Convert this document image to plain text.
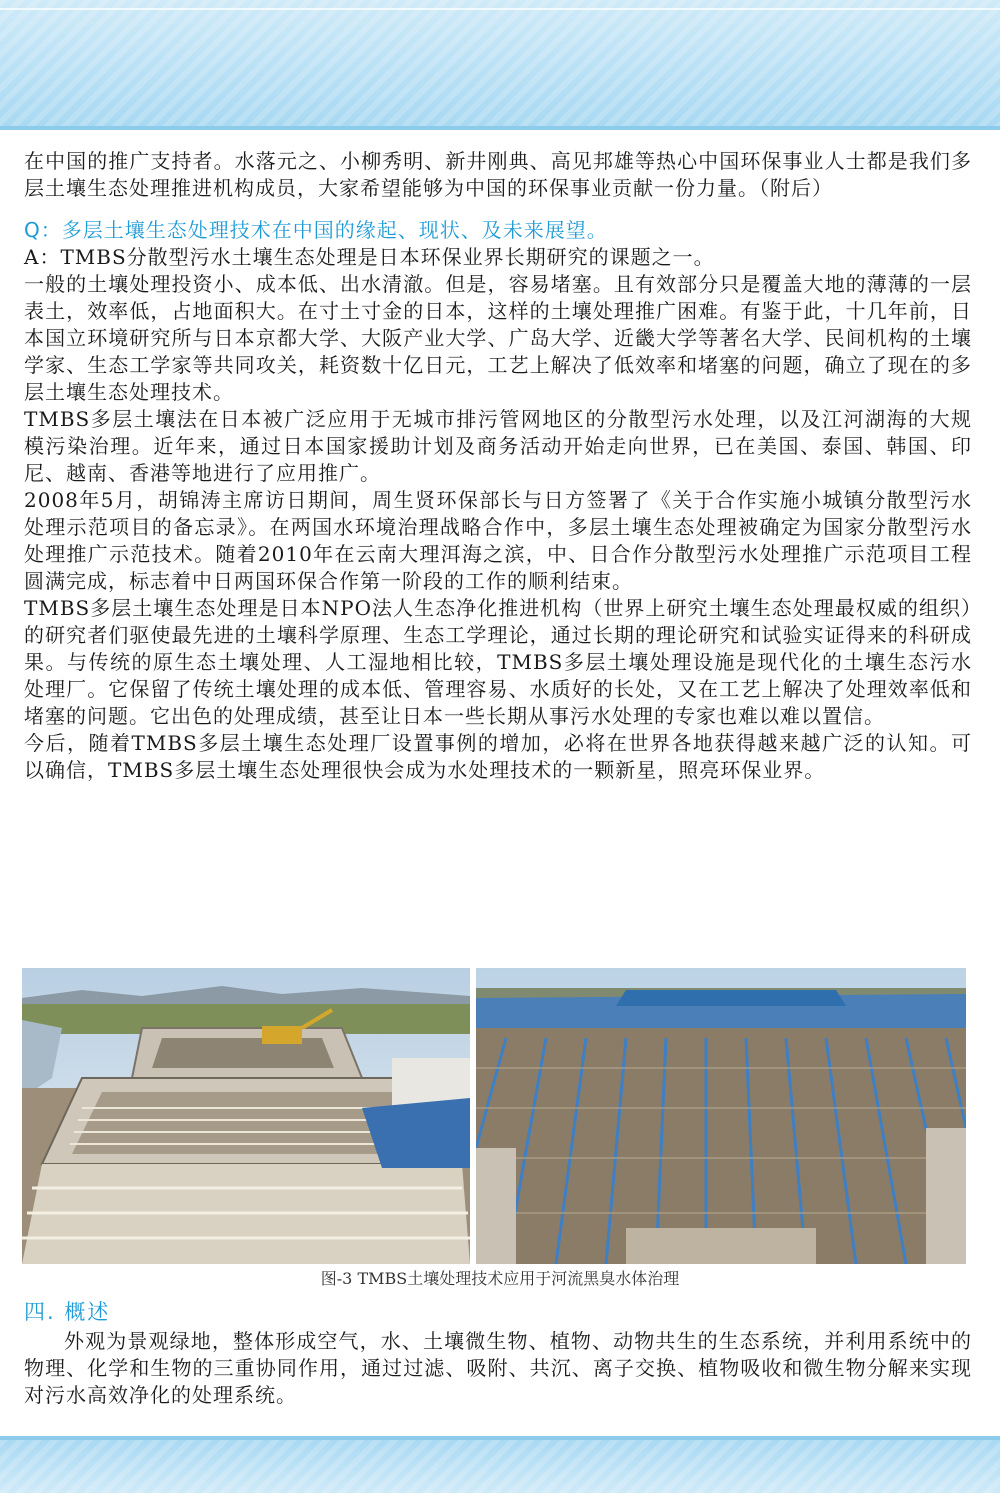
在中国的推广支持者。水落元之、小柳秀明、新井刚典、高见邦雄等热心中国环保事业人士都是我们多层土壤生态处理推进机构成员，大家希望能够为中国的环保事业贡献一份力量。（附后）

Q：多层土壤生态处理技术在中国的缘起、现状、及未来展望。

A：TMBS分散型污水土壤生态处理是日本环保业界长期研究的课题之一。

一般的土壤处理投资小、成本低、出水清澈。但是，容易堵塞。且有效部分只是覆盖大地的薄薄的一层表土，效率低，占地面积大。在寸土寸金的日本，这样的土壤处理推广困难。有鉴于此，十几年前，日本国立环境研究所与日本京都大学、大阪产业大学、广岛大学、近畿大学等著名大学、民间机构的土壤学家、生态工学家等共同攻关，耗资数十亿日元，工艺上解决了低效率和堵塞的问题，确立了现在的多层土壤生态处理技术。

TMBS多层土壤法在日本被广泛应用于无城市排污管网地区的分散型污水处理，以及江河湖海的大规模污染治理。近年来，通过日本国家援助计划及商务活动开始走向世界，已在美国、泰国、韩国、印尼、越南、香港等地进行了应用推广。

2008年5月，胡锦涛主席访日期间，周生贤环保部长与日方签署了《关于合作实施小城镇分散型污水处理示范项目的备忘录》。在两国水环境治理战略合作中，多层土壤生态处理被确定为国家分散型污水处理推广示范技术。随着2010年在云南大理洱海之滨，中、日合作分散型污水处理推广示范项目工程圆满完成，标志着中日两国环保合作第一阶段的工作的顺利结束。

TMBS多层土壤生态处理是日本NPO法人生态净化推进机构（世界上研究土壤生态处理最权威的组织）的研究者们驱使最先进的土壤科学原理、生态工学理论，通过长期的理论研究和试验实证得来的科研成果。与传统的原生态土壤处理、人工湿地相比较，TMBS多层土壤处理设施是现代化的土壤生态污水处理厂。它保留了传统土壤处理的成本低、管理容易、水质好的长处，又在工艺上解决了处理效率低和堵塞的问题。它出色的处理成绩，甚至让日本一些长期从事污水处理的专家也难以难以置信。

今后，随着TMBS多层土壤生态处理厂设置事例的增加，必将在世界各地获得越来越广泛的认知。可以确信，TMBS多层土壤生态处理很快会成为水处理技术的一颗新星，照亮环保业界。

图-3 TMBS土壤处理技术应用于河流黑臭水体治理
四. 概述

外观为景观绿地，整体形成空气，水、土壤微生物、植物、动物共生的生态系统，并利用系统中的物理、化学和生物的三重协同作用，通过过滤、吸附、共沉、离子交换、植物吸收和微生物分解来实现对污水高效净化的处理系统。
